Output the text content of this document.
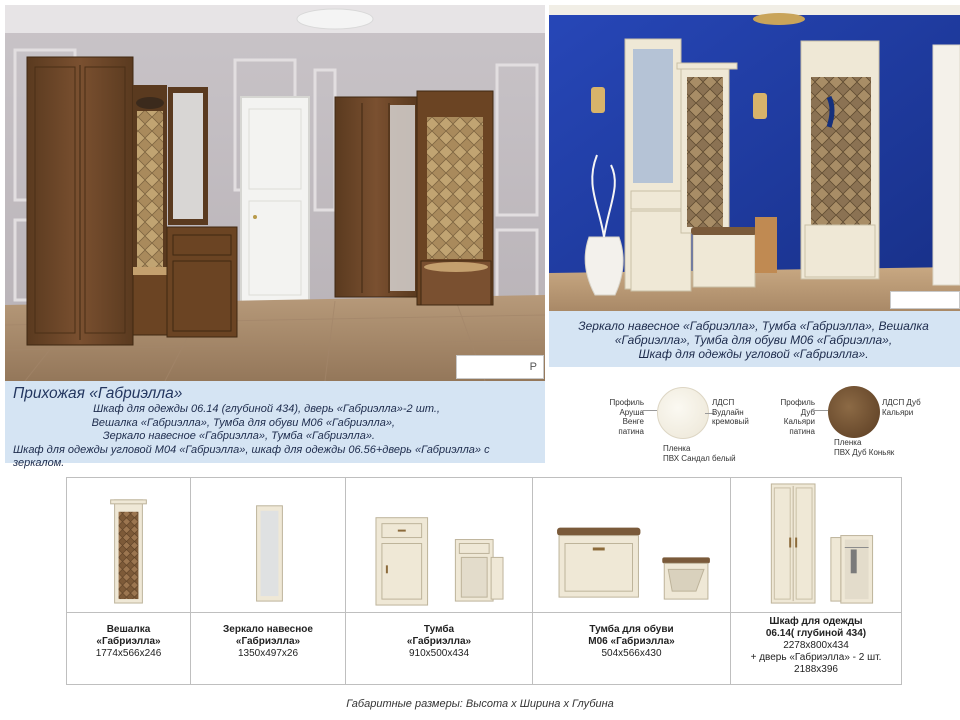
Р
Зеркало навесное «Габриэлла», Тумба «Габриэлла», Вешалка
«Габриэлла», Тумба для обуви М06 «Габриэлла»,
Шкаф для одежды угловой «Габриэлла».
Прихожая «Габриэлла»
Шкаф для одежды 06.14 (глубиной 434), дверь «Габриэлла»-2 шт.,
Вешалка «Габриэлла», Тумба для обуви М06 «Габриэлла»,
Зеркало навесное «Габриэлла», Тумба «Габриэлла».
Шкаф для одежды угловой М04 «Габриэлла», шкаф для одежды 06.56+дверь «Габриэлла» с зеркалом.
Профиль
Аруша Венге
патина
ЛДСП
Вудлайн
кремовый
Пленка
ПВХ Сандал белый
Профиль
Дуб Кальяри
патина
ЛДСП Дуб
Кальяри
Пленка
ПВХ Дуб Коньяк
Вешалка
«Габриэлла»
1774х566х246
Зеркало навесное
«Габриэлла»
1350х497х26
Тумба
«Габриэлла»
910х500х434
Тумба для обуви
М06 «Габриэлла»
504х566х430
Шкаф для одежды
06.14( глубиной 434)
2278х800х434
+ дверь «Габриэлла» - 2 шт.
2188х396
Габаритные размеры: Высота х Ширина х Глубина
